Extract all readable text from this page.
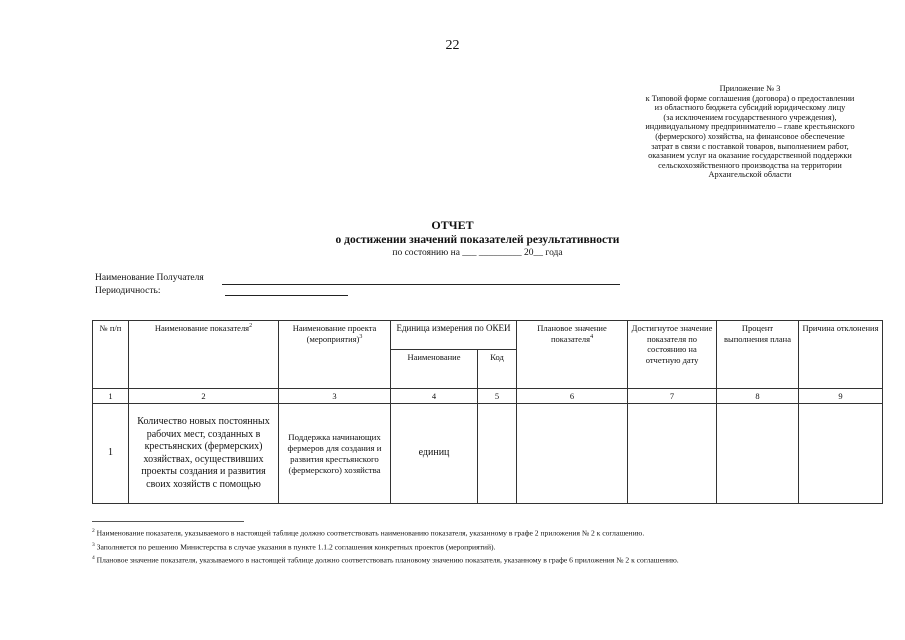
22
Приложение № 3
к Типовой форме соглашения (договора) о предоставлении
из областного бюджета субсидий юридическому лицу
(за исключением государственного учреждения),
индивидуальному предпринимателю – главе крестьянского
(фермерского) хозяйства, на финансовое обеспечение
затрат в связи с поставкой товаров, выполнением работ,
оказанием услуг на оказание государственной поддержки
сельскохозяйственного производства на территории
Архангельской области
ОТЧЕТ
о достижении значений показателей результативности
по состоянию на ___ _________ 20__ года
Наименование Получателя
Периодичность:
№ п/п	Наименование показателя$^2$	Наименование проекта (мероприятия)$^3$	Единица измерения по ОКЕИ		Плановое значение показателя$^4$	Достигнутое значение показателя по состоянию на отчетную дату	Процент выполнения плана	Причина отклонения
			Наименование	Код				
1	2	3	4	5	6	7	8	9
1	Количество новых постоянных рабочих мест, созданных в крестьянских (фермерских) хозяйствах, осуществивших проекты создания и развития своих хозяйств с помощью	Поддержка начинающих фермеров для создания и развития крестьянского (фермерского) хозяйства	единиц					
$^2$ Наименование показателя, указываемого в настоящей таблице должно соответствовать наименованию показателя, указанному в графе 2 приложения № 2 к соглашению.
$^3$ Заполняется по решению Министерства в случае указания в пункте 1.1.2 соглашения конкретных проектов (мероприятий).
$^4$ Плановое значение показателя, указываемого в настоящей таблице должно соответствовать плановому значению показателя, указанному в графе 6 приложения № 2 к соглашению.
